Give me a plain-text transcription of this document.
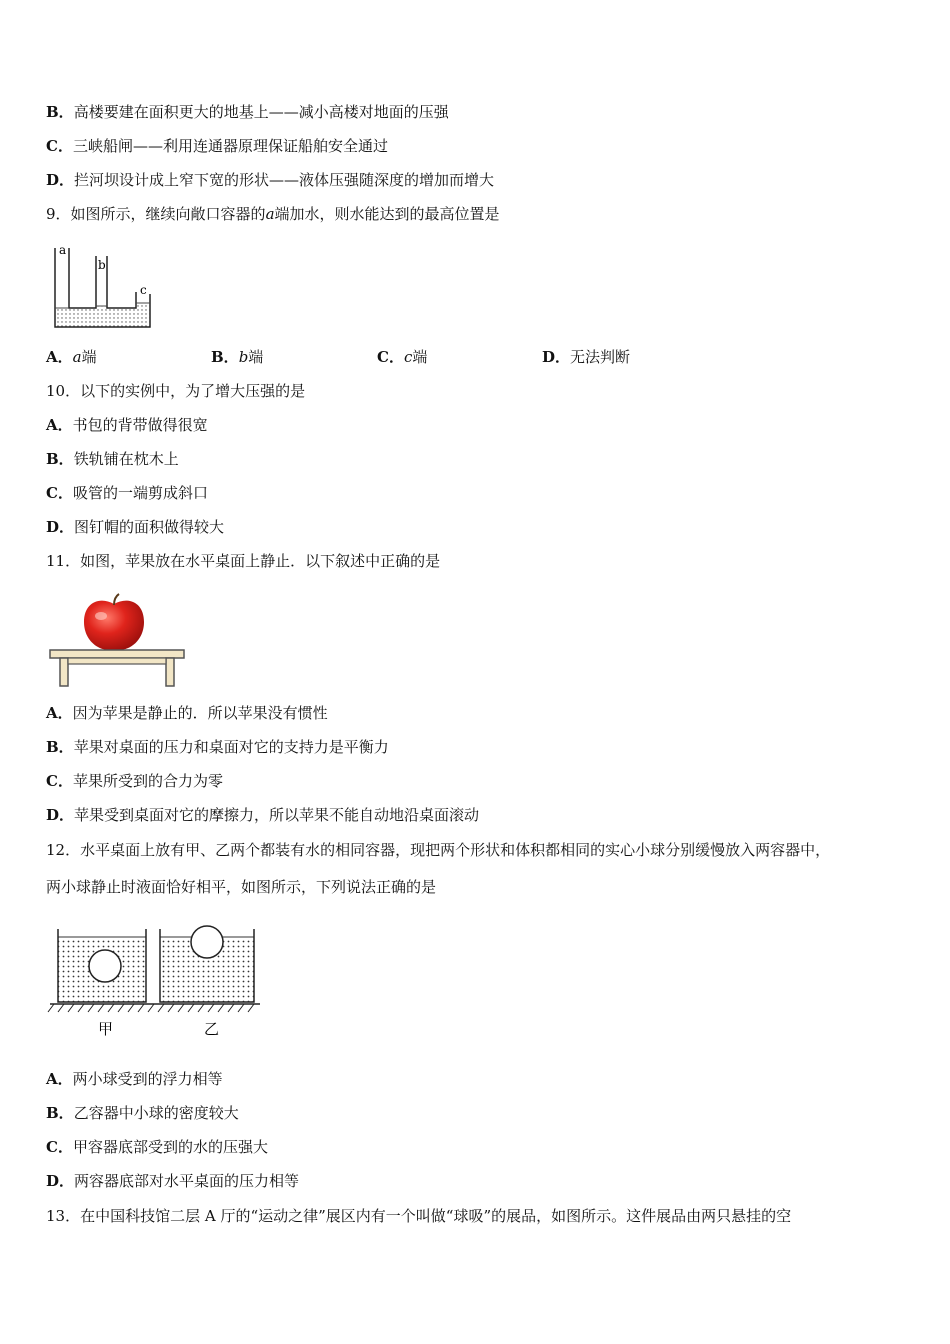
B．高楼要建在面积更大的地基上——减小高楼对地面的压强
C．三峡船闸——利用连通器原理保证船舶安全通过
D．拦河坝设计成上窄下宽的形状——液体压强随深度的增加而增大
9．如图所示，继续向敞口容器的a端加水，则水能达到的最高位置是
a
b
c
A．a端	B．b端	C．c端	D．无法判断
10．以下的实例中，为了增大压强的是
A．书包的背带做得很宽
B．铁轨铺在枕木上
C．吸管的一端剪成斜口
D．图钉帽的面积做得较大
11．如图，苹果放在水平桌面上静止．以下叙述中正确的是
A．因为苹果是静止的．所以苹果没有惯性
B．苹果对桌面的压力和桌面对它的支持力是平衡力
C．苹果所受到的合力为零
D．苹果受到桌面对它的摩擦力，所以苹果不能自动地沿桌面滚动
12．水平桌面上放有甲、乙两个都装有水的相同容器，现把两个形状和体积都相同的实心小球分别缓慢放入两容器中，
两小球静止时液面恰好相平，如图所示，下列说法正确的是
甲	乙
A．两小球受到的浮力相等
B．乙容器中小球的密度较大
C．甲容器底部受到的水的压强大
D．两容器底部对水平桌面的压力相等
13．在中国科技馆二层 A 厅的“运动之律”展区内有一个叫做“球吸”的展品，如图所示。这件展品由两只悬挂的空
